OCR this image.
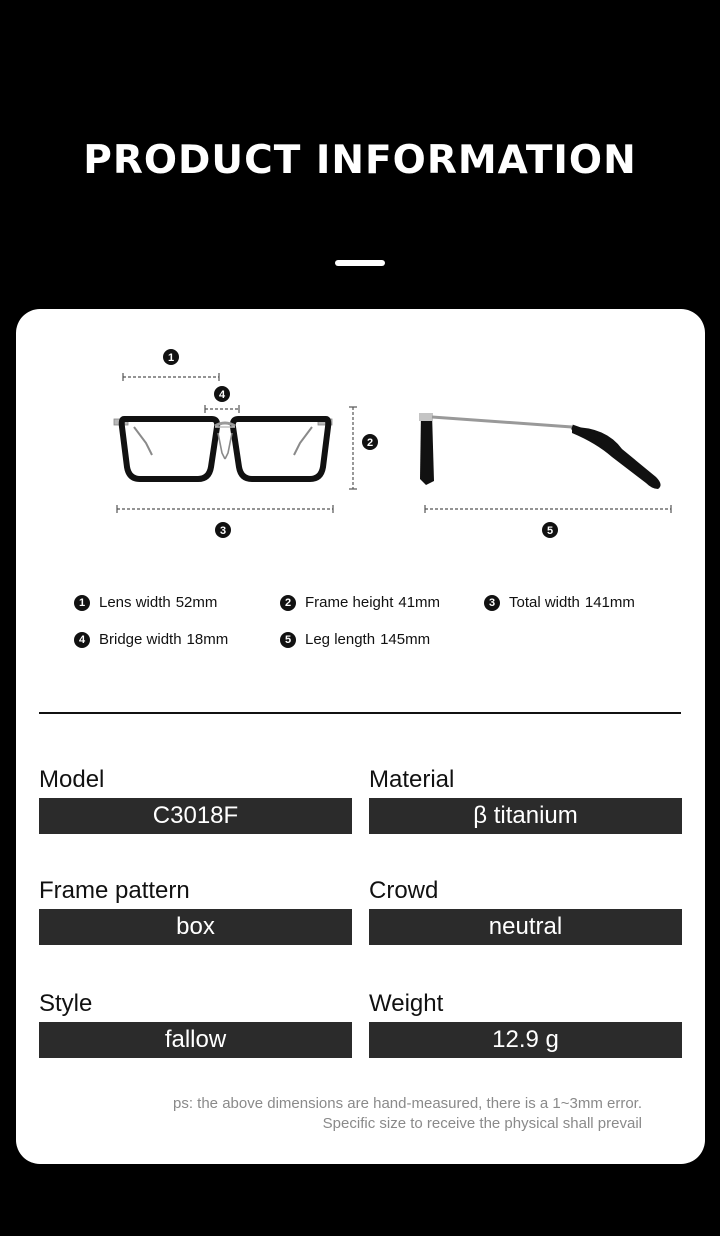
PRODUCT INFORMATION
1
4
2
3	5
1 Lens width 52mm	2 Frame height 41mm	3 Total width 141mm
4 Bridge width 18mm	5 Leg length 145mm
Model
C3018F
Material
β titanium
Frame pattern
box
Crowd
neutral
Style
fallow
Weight
12.9 g
ps: the above dimensions are hand-measured, there is a 1~3mm error.
Specific size to receive the physical shall prevail
